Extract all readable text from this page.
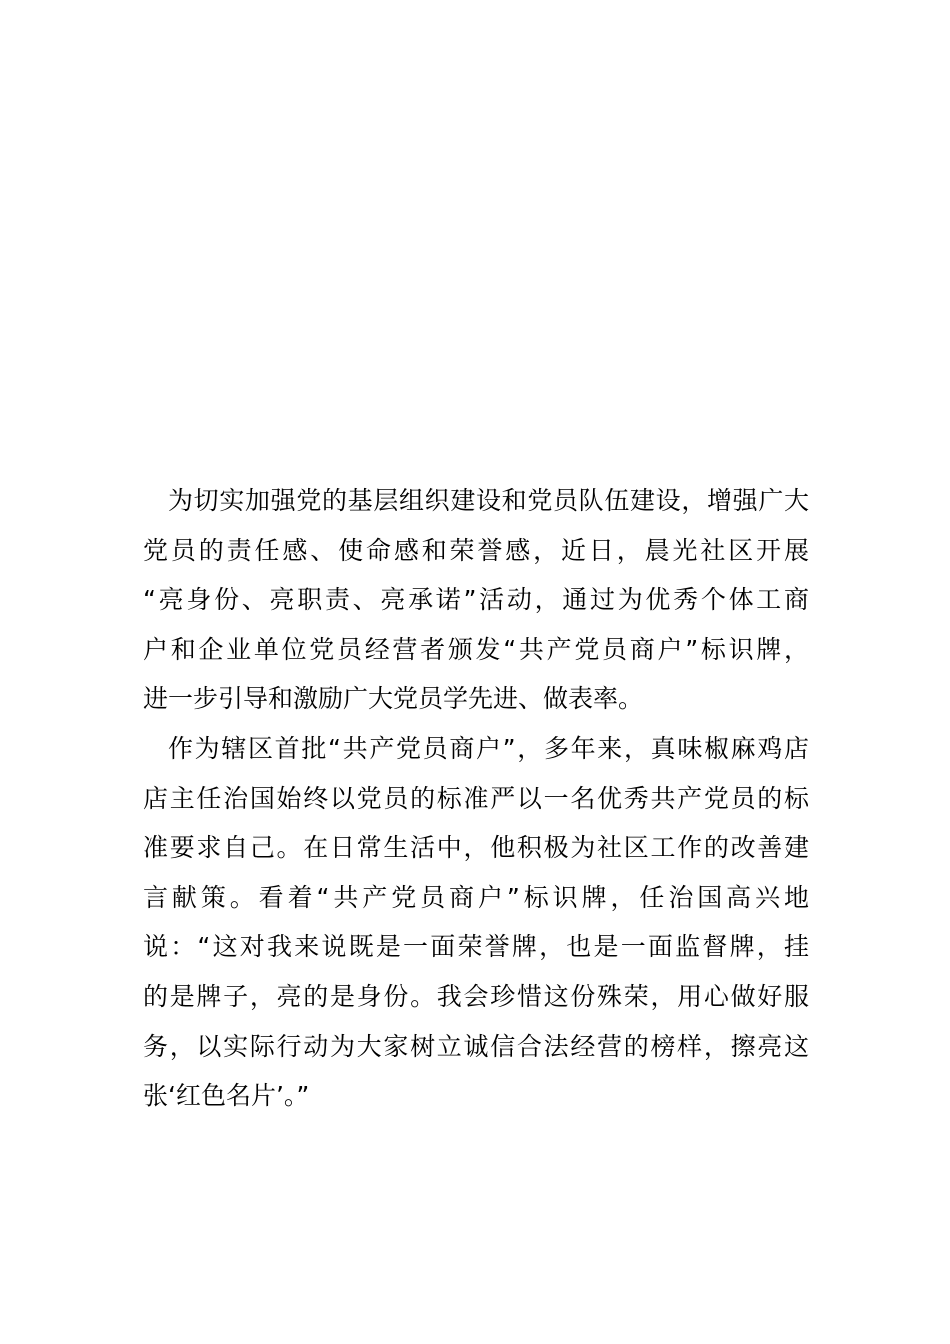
为切实加强党的基层组织建设和党员队伍建设，增强广大
党员的责任感、使命感和荣誉感，近日，晨光社区开展
“亮身份、亮职责、亮承诺”活动，通过为优秀个体工商
户和企业单位党员经营者颁发“共产党员商户”标识牌，
进一步引导和激励广大党员学先进、做表率。
作为辖区首批“共产党员商户”，多年来，真味椒麻鸡店
店主任治国始终以党员的标准严以一名优秀共产党员的标
准要求自己。在日常生活中，他积极为社区工作的改善建
言献策。看着“共产党员商户”标识牌，任治国高兴地
说：“这对我来说既是一面荣誉牌，也是一面监督牌，挂
的是牌子，亮的是身份。我会珍惜这份殊荣，用心做好服
务，以实际行动为大家树立诚信合法经营的榜样，擦亮这
张‘红色名片’。”
